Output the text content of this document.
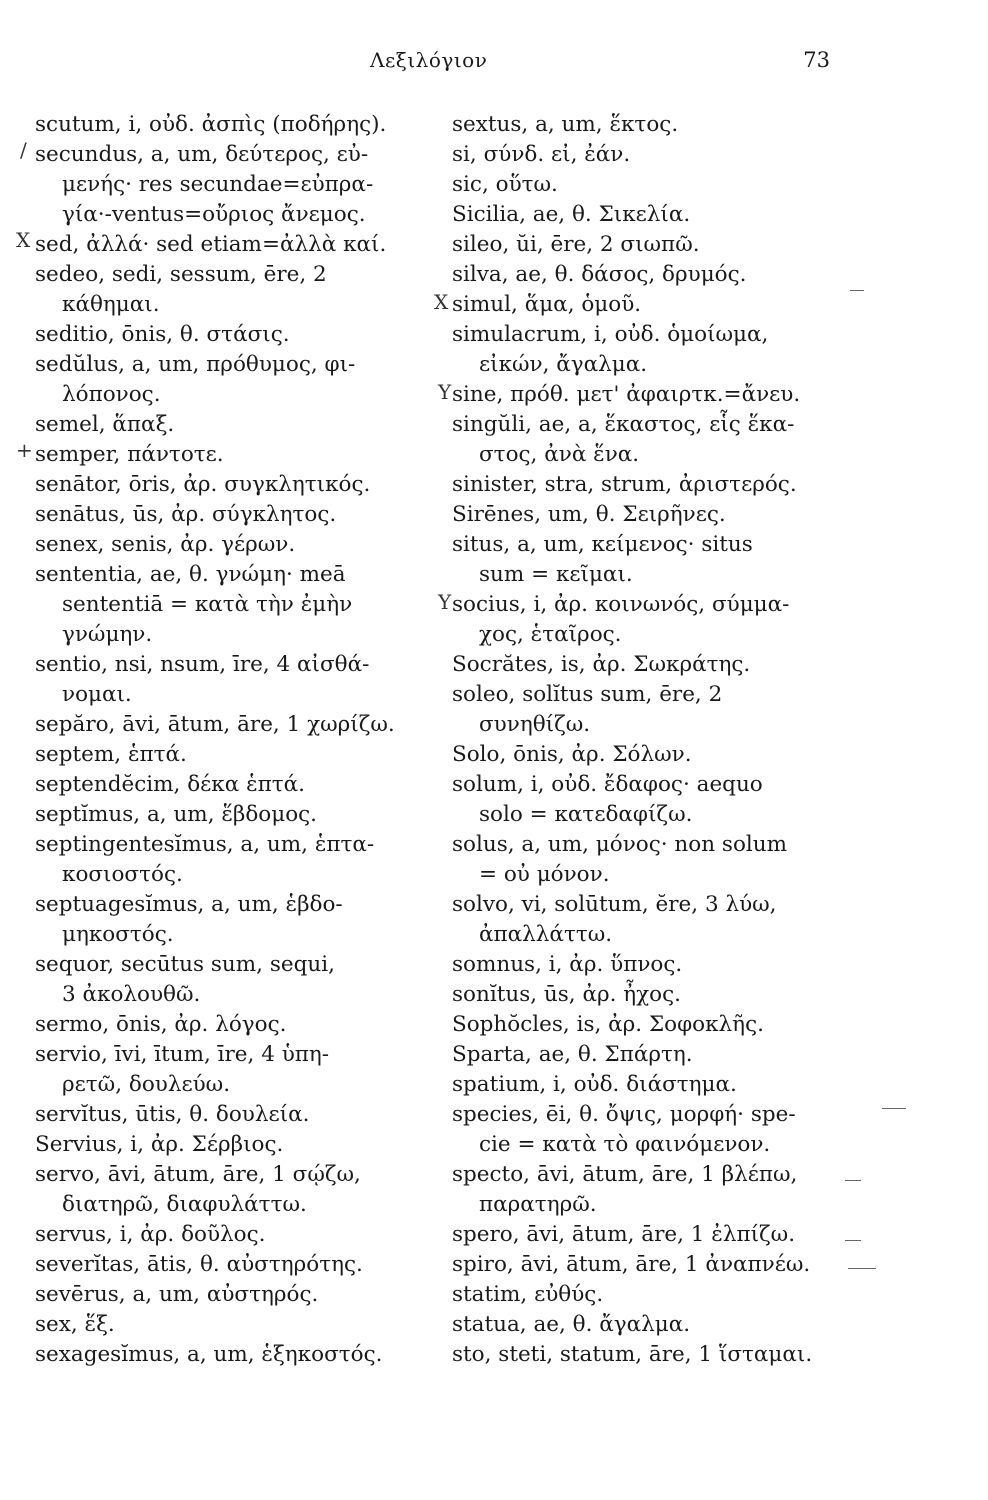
Λεξιλόγιον	73
scutum, i, οὐδ. ἀσπὶς (ποδήρης).
secundus, a, um, δεύτερος, εὐ-
μενής· res secundae=εὐπρα-
γία·-ventus=οὔριος ἄνεμος.
sed, ἀλλά· sed etiam=ἀλλὰ καί.
sedeo, sedi, sessum, ēre, 2
κάθημαι.
seditio, ōnis, θ. στάσις.
sedŭlus, a, um, πρόθυμος, φι-
λόπονος.
semel, ἅπαξ.
semper, πάντοτε.
senātor, ōris, ἀρ. συγκλητικός.
senātus, ūs, ἀρ. σύγκλητος.
senex, senis, ἀρ. γέρων.
sententia, ae, θ. γνώμη· meā
sententiā = κατὰ τὴν ἐμὴν
γνώμην.
sentio, nsi, nsum, īre, 4 αἰσθά-
νομαι.
sepăro, āvi, ātum, āre, 1 χωρίζω.
septem, ἑπτά.
septendĕcim, δέκα ἑπτά.
septĭmus, a, um, ἕβδομος.
septingentesĭmus, a, um, ἑπτα-
κοσιοστός.
septuagesĭmus, a, um, ἑβδο-
μηκοστός.
sequor, secūtus sum, sequi,
3 ἀκολουθῶ.
sermo, ōnis, ἀρ. λόγος.
servio, īvi, ītum, īre, 4 ὑπη-
ρετῶ, δουλεύω.
servĭtus, ūtis, θ. δουλεία.
Servius, i, ἀρ. Σέρβιος.
servo, āvi, ātum, āre, 1 σῴζω,
διατηρῶ, διαφυλάττω.
servus, i, ἀρ. δοῦλος.
severĭtas, ātis, θ. αὐστηρότης.
sevērus, a, um, αὐστηρός.
sex, ἕξ.
sexagesĭmus, a, um, ἑξηκοστός.
sextus, a, um, ἕκτος.
si, σύνδ. εἰ, ἐάν.
sic, οὕτω.
Sicilia, ae, θ. Σικελία.
sileo, ŭi, ēre, 2 σιωπῶ.
silva, ae, θ. δάσος, δρυμός.
simul, ἅμα, ὁμοῦ.
simulacrum, i, οὐδ. ὁμοίωμα,
εἰκών, ἄγαλμα.
sine, πρόθ. μετ' ἀφαιρτκ.=ἄνευ.
singŭli, ae, a, ἕκαστος, εἷς ἕκα-
στος, ἀνὰ ἕνα.
sinister, stra, strum, ἀριστερός.
Sirēnes, um, θ. Σειρῆνες.
situs, a, um, κείμενος· situs
sum = κεῖμαι.
socius, i, ἀρ. κοινωνός, σύμμα-
χος, ἑταῖρος.
Socrătes, is, ἀρ. Σωκράτης.
soleo, solĭtus sum, ēre, 2
συνηθίζω.
Solo, ōnis, ἀρ. Σόλων.
solum, i, οὐδ. ἔδαφος· aequo
solo = κατεδαφίζω.
solus, a, um, μόνος· non solum
= οὐ μόνον.
solvo, vi, solūtum, ĕre, 3 λύω,
ἀπαλλάττω.
somnus, i, ἀρ. ὕπνος.
sonĭtus, ūs, ἀρ. ἦχος.
Sophŏcles, is, ἀρ. Σοφοκλῆς.
Sparta, ae, θ. Σπάρτη.
spatium, i, οὐδ. διάστημα.
species, ēi, θ. ὄψις, μορφή· spe-
cie = κατὰ τὸ φαινόμενον.
specto, āvi, ātum, āre, 1 βλέπω,
παρατηρῶ.
spero, āvi, ātum, āre, 1 ἐλπίζω.
spiro, āvi, ātum, āre, 1 ἀναπνέω.
statim, εὐθύς.
statua, ae, θ. ἄγαλμα.
sto, steti, statum, āre, 1 ἵσταμαι.
/
X
+
X
Y
Y
